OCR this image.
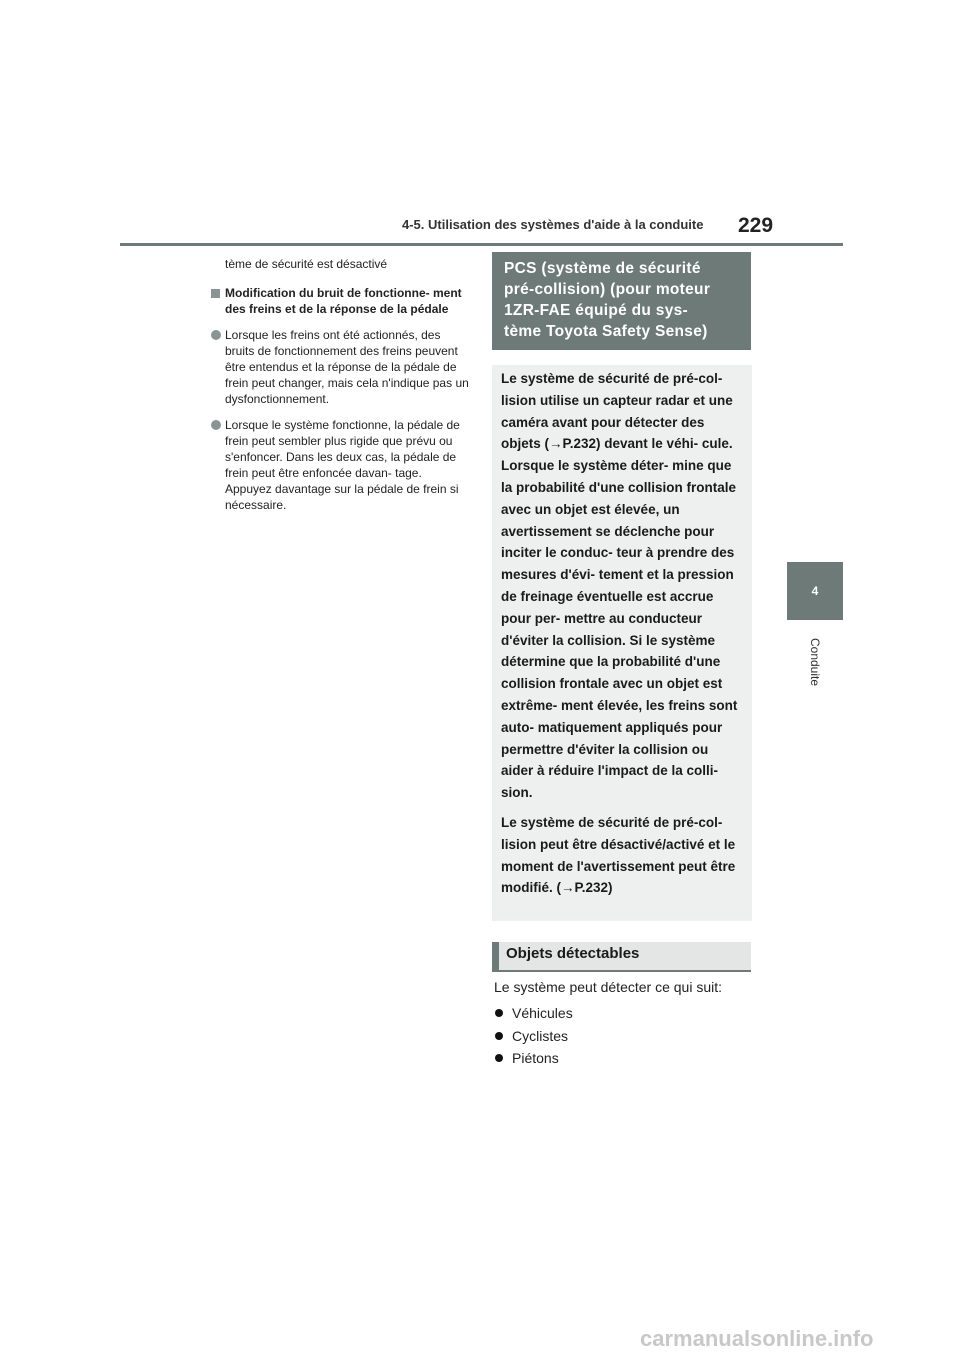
4-5. Utilisation des systèmes d'aide à la conduite 229
4
Conduite
tème de sécurité est désactivé
Modification du bruit de fonctionne- ment des freins et de la réponse de la pédale
Lorsque les freins ont été actionnés, des bruits de fonctionnement des freins peuvent être entendus et la réponse de la pédale de frein peut changer, mais cela n'indique pas un dysfonctionnement.
Lorsque le système fonctionne, la pédale de frein peut sembler plus rigide que prévu ou s'enfoncer. Dans les deux cas, la pédale de frein peut être enfoncée davan- tage. Appuyez davantage sur la pédale de frein si nécessaire.
PCS (système de sécurité
pré-collision) (pour moteur
1ZR-FAE équipé du sys-
tème Toyota Safety Sense)

Le système de sécurité de pré-col- lision utilise un capteur radar et une caméra avant pour détecter des objets (→P.232) devant le véhi- cule. Lorsque le système déter- mine que la probabilité d'une collision frontale avec un objet est élevée, un avertissement se déclenche pour inciter le conduc- teur à prendre des mesures d'évi- tement et la pression de freinage éventuelle est accrue pour per- mettre au conducteur d'éviter la collision. Si le système détermine que la probabilité d'une collision frontale avec un objet est extrême- ment élevée, les freins sont auto- matiquement appliqués pour permettre d'éviter la collision ou aider à réduire l'impact de la colli- sion.

Le système de sécurité de pré-col- lision peut être désactivé/activé et le moment de l'avertissement peut être modifié. (→P.232)

Objets détectables
Le système peut détecter ce qui suit:
Véhicules
Cyclistes
Piétons
carmanualsonline.info
